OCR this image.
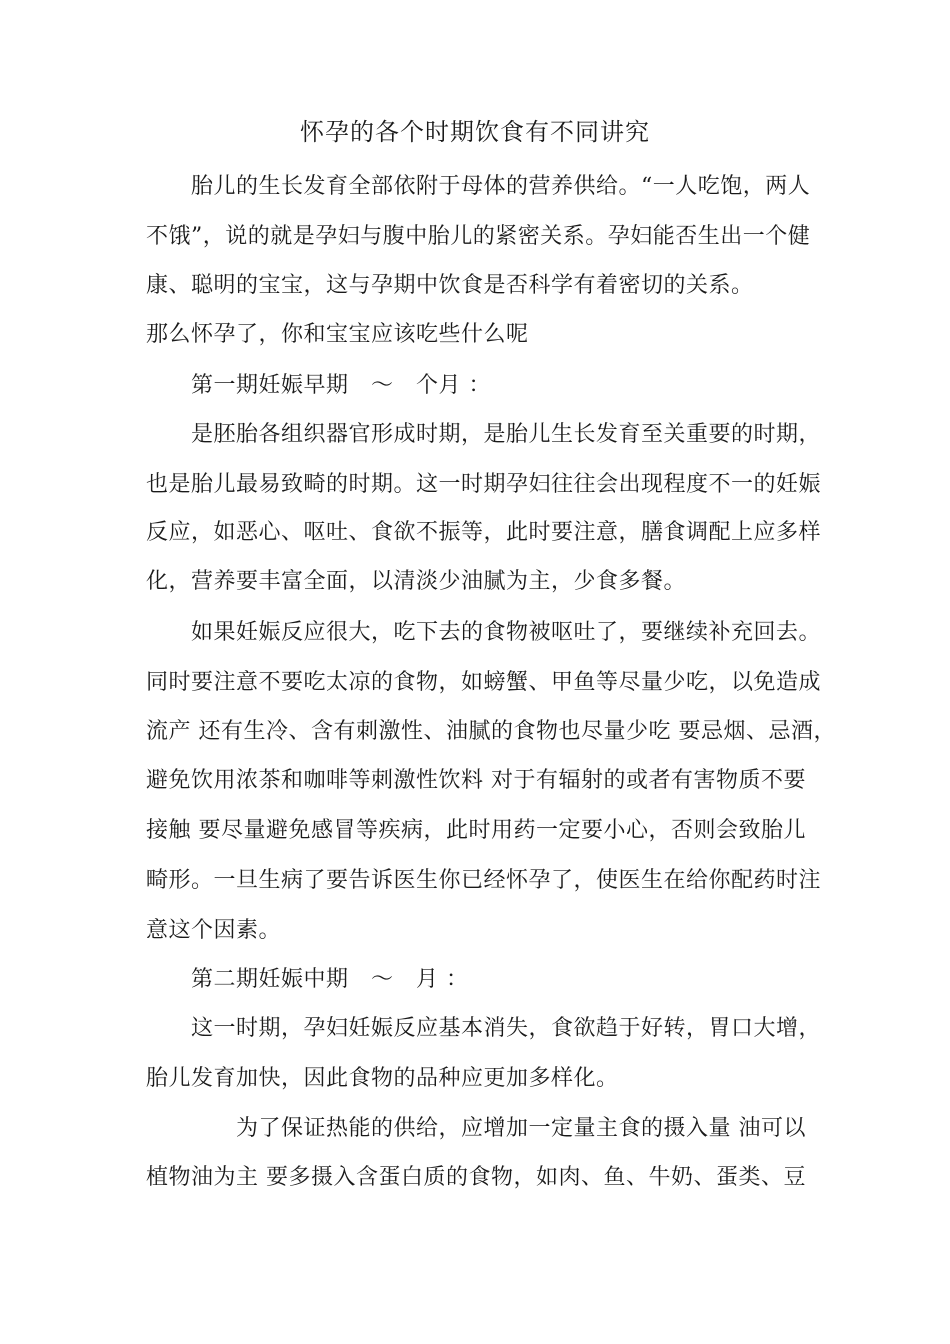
怀孕的各个时期饮食有不同讲究
　　胎儿的生长发育全部依附于母体的营养供给。“一人吃饱，两人
不饿”，说的就是孕妇与腹中胎儿的紧密关系。孕妇能否生出一个健
康、聪明的宝宝，这与孕期中饮食是否科学有着密切的关系。
那么怀孕了，你和宝宝应该吃些什么呢
　　第一期妊娠早期　～　个月 ：
　　是胚胎各组织器官形成时期，是胎儿生长发育至关重要的时期，
也是胎儿最易致畸的时期。这一时期孕妇往往会出现程度不一的妊娠
反应，如恶心、呕吐、食欲不振等，此时要注意，膳食调配上应多样
化，营养要丰富全面，以清淡少油腻为主，少食多餐。
　　如果妊娠反应很大，吃下去的食物被呕吐了，要继续补充回去。
同时要注意不要吃太凉的食物，如螃蟹、甲鱼等尽量少吃，以免造成
流产 还有生冷、含有刺激性、油腻的食物也尽量少吃 要忌烟、忌酒，
避免饮用浓茶和咖啡等刺激性饮料 对于有辐射的或者有害物质不要
接触 要尽量避免感冒等疾病，此时用药一定要小心，否则会致胎儿
畸形。一旦生病了要告诉医生你已经怀孕了，使医生在给你配药时注
意这个因素。
　　第二期妊娠中期　～　月 ：
　　这一时期，孕妇妊娠反应基本消失，食欲趋于好转，胃口大增，
胎儿发育加快，因此食物的品种应更加多样化。
　　　　为了保证热能的供给，应增加一定量主食的摄入量 油可以
植物油为主 要多摄入含蛋白质的食物，如肉、鱼、牛奶、蛋类、豆
